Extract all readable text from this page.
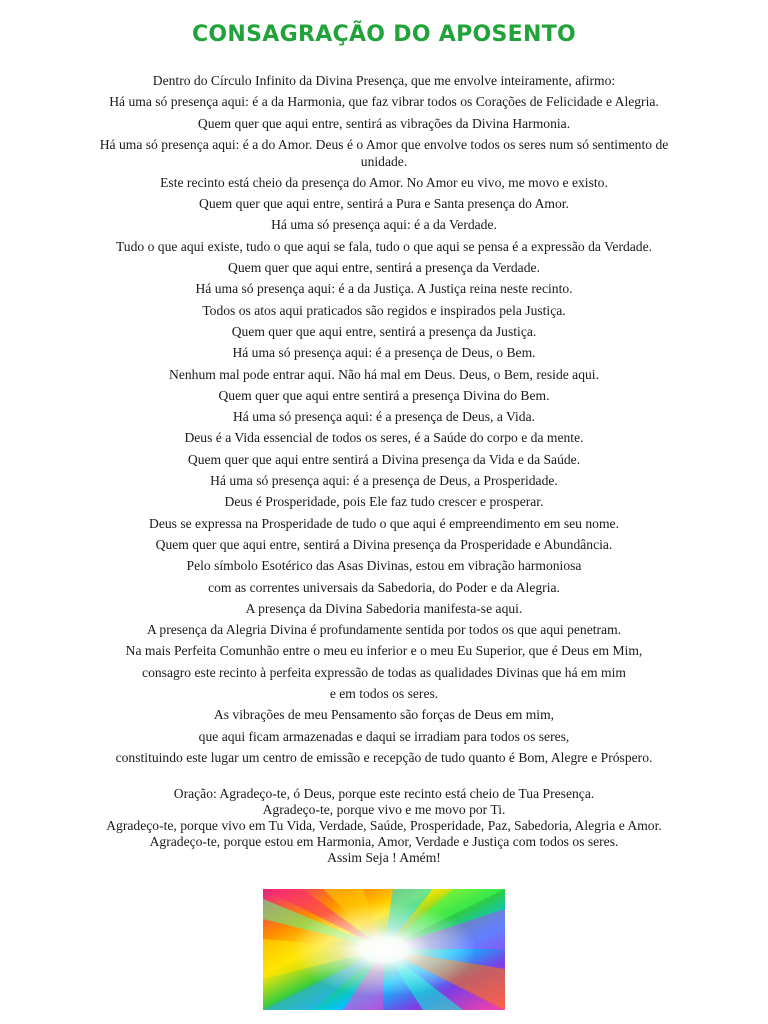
CONSAGRAÇÃO DO APOSENTO
Dentro do Círculo Infinito da Divina Presença, que me envolve inteiramente, afirmo:
Há uma só presença aqui: é a da Harmonia, que faz vibrar todos os Corações de Felicidade e Alegria.
Quem quer que aqui entre, sentirá as vibrações da Divina Harmonia.
Há uma só presença aqui: é a do Amor. Deus é o Amor que envolve todos os seres num só sentimento de unidade.
Este recinto está cheio da presença do Amor. No Amor eu vivo, me movo e existo.
Quem quer que aqui entre, sentirá a Pura e Santa presença do Amor.
Há uma só presença aqui: é a da Verdade.
Tudo o que aqui existe, tudo o que aqui se fala, tudo o que aqui se pensa é a expressão da Verdade.
Quem quer que aqui entre, sentirá a presença da Verdade.
Há uma só presença aqui: é a da Justiça. A Justiça reina neste recinto.
Todos os atos aqui praticados são regidos e inspirados pela Justiça.
Quem quer que aqui entre, sentirá a presença da Justiça.
Há uma só presença aqui: é a presença de Deus, o Bem.
Nenhum mal pode entrar aqui. Não há mal em Deus. Deus, o Bem, reside aqui.
Quem quer que aqui entre sentirá a presença Divina do Bem.
Há uma só presença aqui: é a presença de Deus, a Vida.
Deus é a Vida essencial de todos os seres, é a Saúde do corpo e da mente.
Quem quer que aqui entre sentirá a Divina presença da Vida e da Saúde.
Há uma só presença aqui: é a presença de Deus, a Prosperidade.
Deus é Prosperidade, pois Ele faz tudo crescer e prosperar.
Deus se expressa na Prosperidade de tudo o que aqui é empreendimento em seu nome.
Quem quer que aqui entre, sentirá a Divina presença da Prosperidade e Abundância.
Pelo símbolo Esotérico das Asas Divinas, estou em vibração harmoniosa
com as correntes universais da Sabedoria, do Poder e da Alegria.
A presença da Divina Sabedoria manifesta-se aqui.
A presença da Alegria Divina é profundamente sentida por todos os que aqui penetram.
Na mais Perfeita Comunhão entre o meu eu inferior e o meu Eu Superior, que é Deus em Mim,
consagro este recinto à perfeita expressão de todas as qualidades Divinas que há em mim
e em todos os seres.
As vibrações de meu Pensamento são forças de Deus em mim,
que aqui ficam armazenadas e daqui se irradiam para todos os seres,
constituindo este lugar um centro de emissão e recepção de tudo quanto é Bom, Alegre e Próspero.
Oração: Agradeço-te, ó Deus, porque este recinto está cheio de Tua Presença.
Agradeço-te, porque vivo e me movo por Ti.
Agradeço-te, porque vivo em Tu Vida, Verdade, Saúde, Prosperidade, Paz, Sabedoria, Alegria e Amor.
Agradeço-te, porque estou em Harmonia, Amor, Verdade e Justiça com todos os seres.
Assim Seja ! Amém!
